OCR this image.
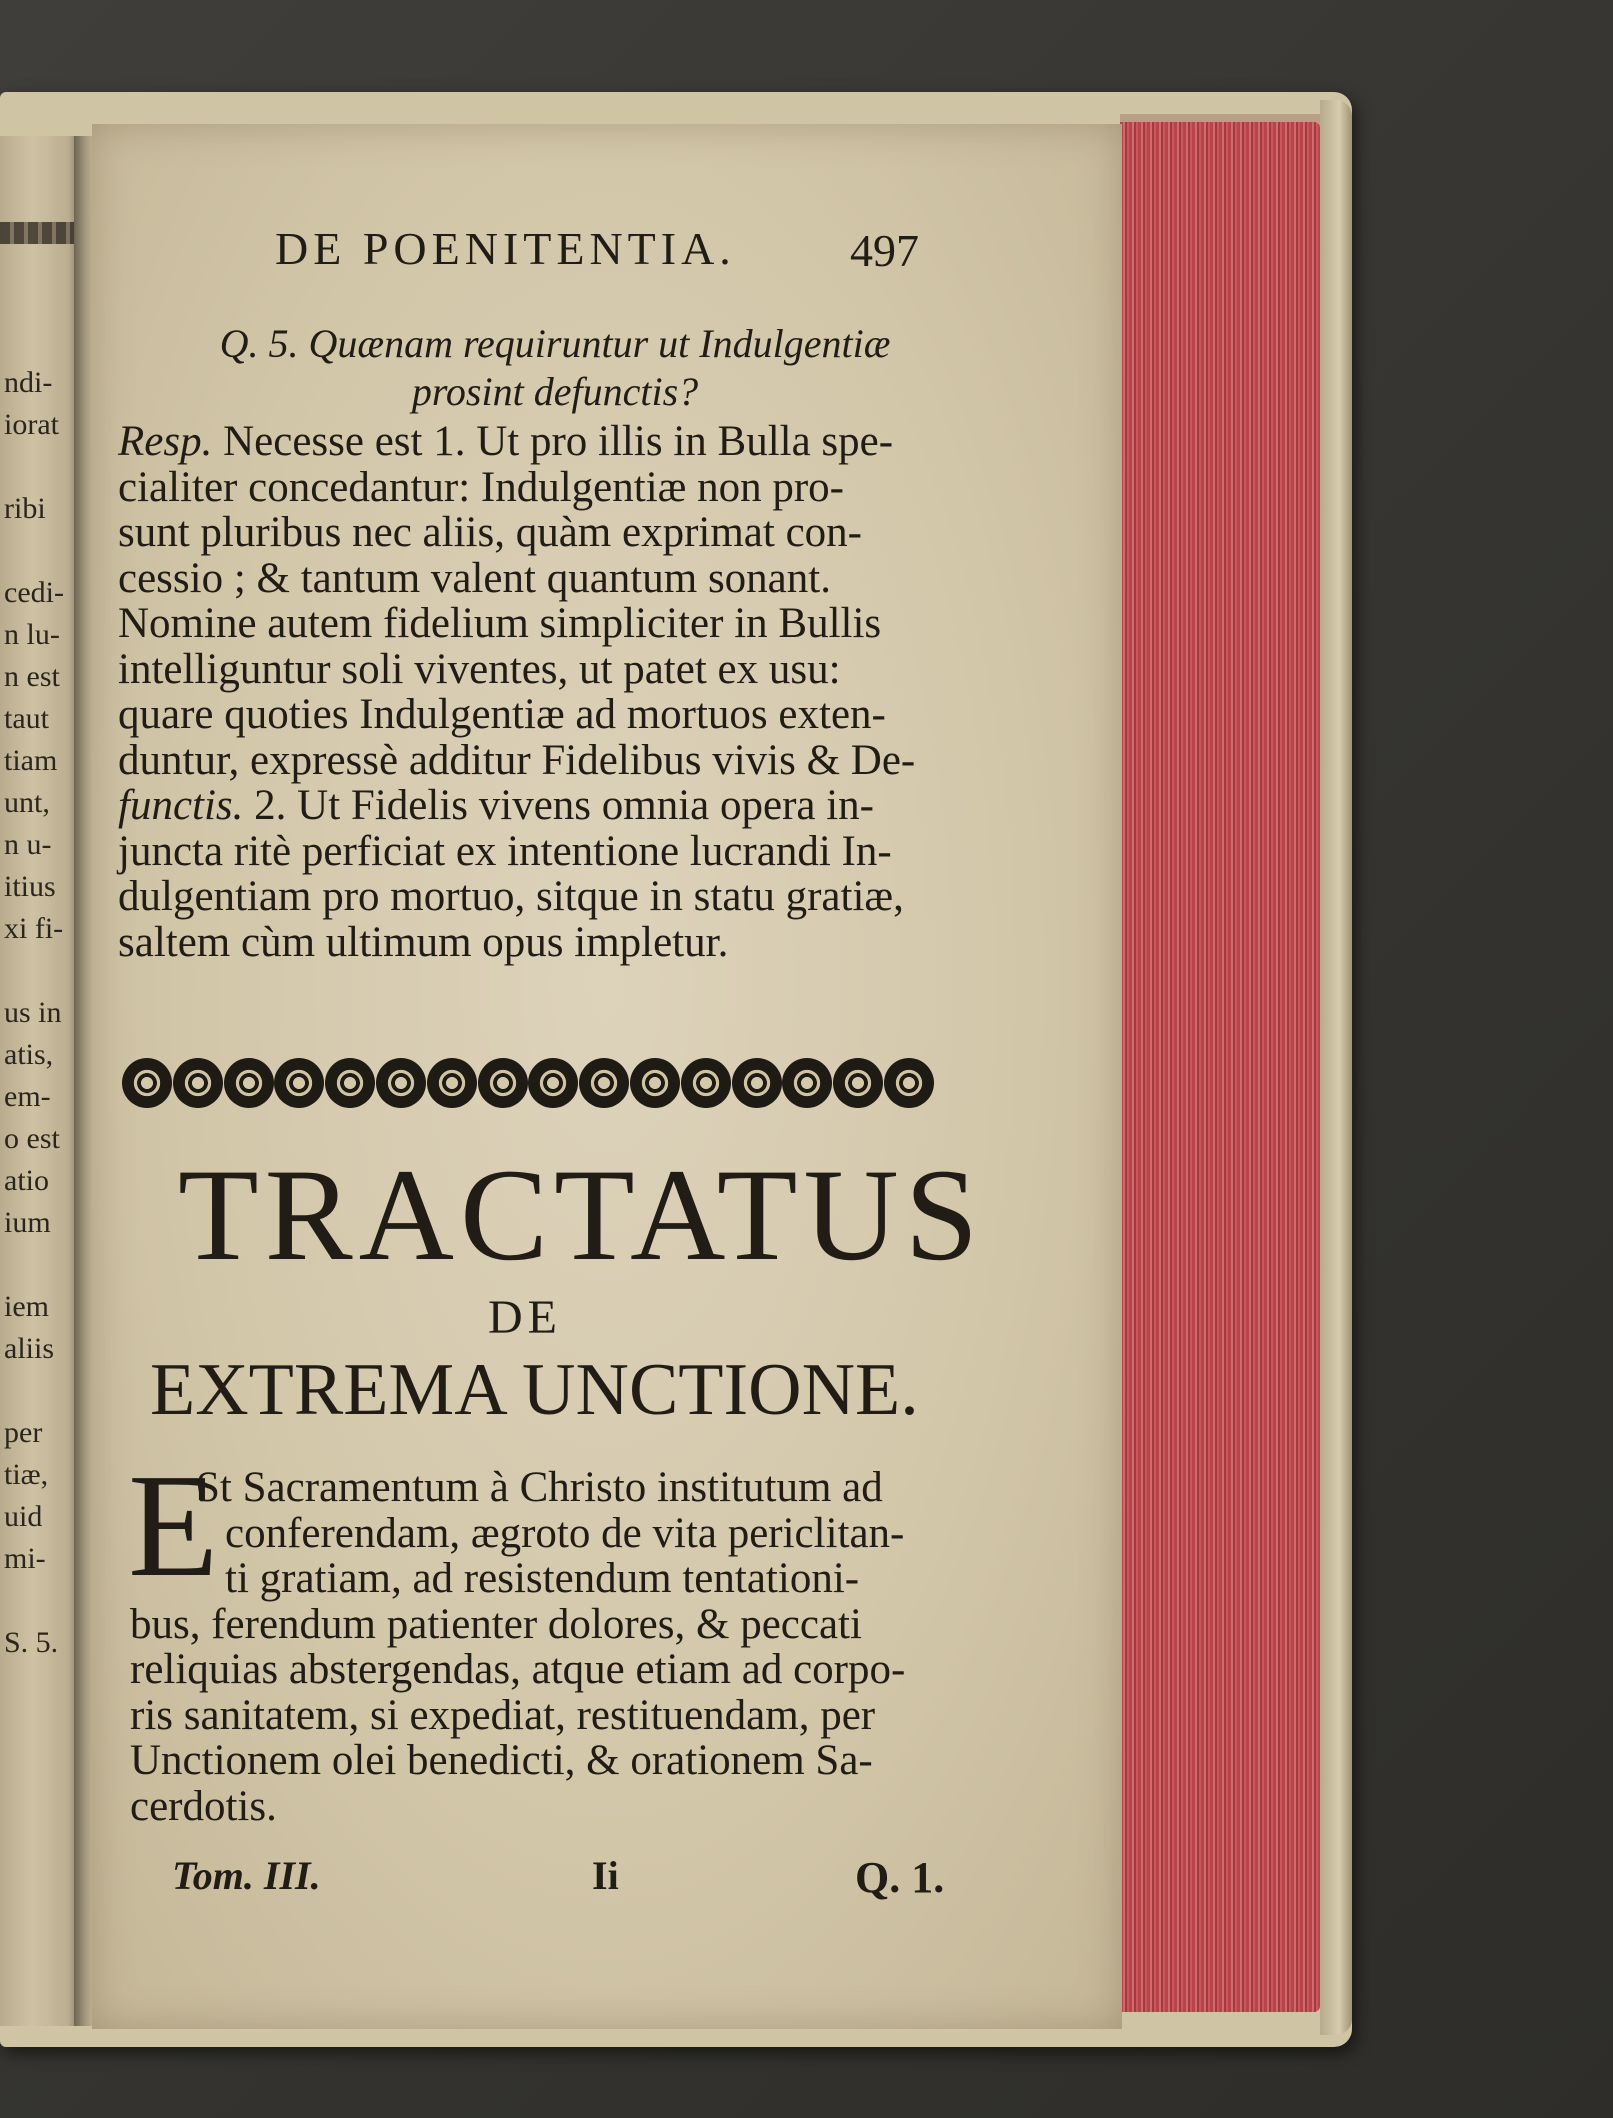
ndi-
iorat
ribi
cedi-
n lu-
n est
taut
tiam
unt,
n u-
itius
xi fi-
us in
atis,
em-
o est
atio
ium
iem
aliis
per
tiæ,
uid
mi-
S. 5.
DE POENITENTIA. 497
Q. 5. Quænam requiruntur ut Indulgentiæ
prosint defunctis?
Resp. Necesse est 1. Ut pro illis in Bulla spe-
cialiter concedantur: Indulgentiæ non pro-
sunt pluribus nec aliis, quàm exprimat con-
cessio ; & tantum valent quantum sonant.
Nomine autem fidelium simpliciter in Bullis
intelliguntur soli viventes, ut patet ex usu:
quare quoties Indulgentiæ ad mortuos exten-
duntur, expressè additur Fidelibus vivis & De-
functis. 2. Ut Fidelis vivens omnia opera in-
juncta ritè perficiat ex intentione lucrandi In-
dulgentiam pro mortuo, sitque in statu gratiæ,
saltem cùm ultimum opus impletur.
TRACTATUS
DE
EXTREMA UNCTIONE.
E
St Sacramentum à Christo institutum ad
conferendam, ægroto de vita periclitan-
ti gratiam, ad resistendum tentationi-
bus, ferendum patienter dolores, & peccati
reliquias abstergendas, atque etiam ad corpo-
ris sanitatem, si expediat, restituendam, per
Unctionem olei benedicti, & orationem Sa-
cerdotis.
Tom. III.	Ii	Q. 1.
